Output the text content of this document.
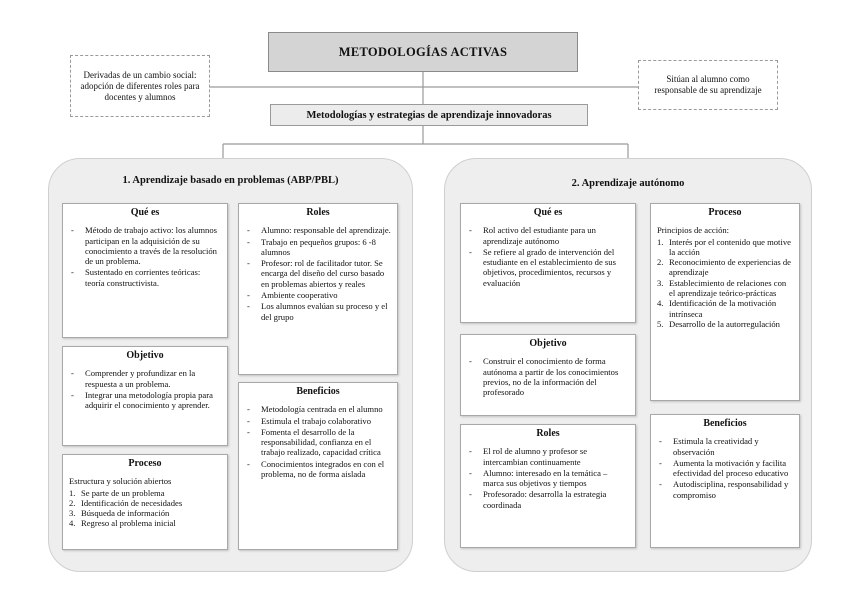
METODOLOGÍAS ACTIVAS
Metodologías y estrategias de aprendizaje innovadoras
Derivadas de un cambio social: adopción de diferentes roles para docentes y alumnos
Sitúan al alumno como responsable de su aprendizaje
1. Aprendizaje basado en problemas (ABP/PBL)
Qué es
- Método de trabajo activo: los alumnos participan en la adquisición de su conocimiento a través de la resolución de un problema.
- Sustentado en corrientes teóricas: teoría constructivista.
Objetivo
- Comprender y profundizar en la respuesta a un problema.
- Integrar una metodología propia para adquirir el conocimiento y aprender.
Proceso
Estructura y solución abiertos
1. Se parte de un problema
2. Identificación de necesidades
3. Búsqueda de información
4. Regreso al problema inicial
Roles
- Alumno: responsable del aprendizaje.
- Trabajo en pequeños grupos: 6 -8 alumnos
- Profesor: rol de facilitador tutor. Se encarga del diseño del curso basado en problemas abiertos y reales
- Ambiente cooperativo
- Los alumnos evalúan su proceso y el del grupo
Beneficios
- Metodología centrada en el alumno
- Estimula el trabajo colaborativo
- Fomenta el desarrollo de la responsabilidad, confianza en el trabajo realizado, capacidad crítica
- Conocimientos integrados en con el problema, no de forma aislada
2. Aprendizaje autónomo
Qué es
- Rol activo del estudiante para un aprendizaje autónomo
- Se refiere al grado de intervención del estudiante en el establecimiento de sus objetivos, procedimientos, recursos y evaluación
Objetivo
- Construir el conocimiento de forma autónoma a partir de los conocimientos previos, no de la información del profesorado
Roles
- El rol de alumno y profesor se intercambian continuamente
- Alumno: interesado en la temática – marca sus objetivos y tiempos
- Profesorado: desarrolla la estrategia coordinada
Proceso
Principios de acción:
1. Interés por el contenido que motive la acción
2. Reconocimiento de experiencias de aprendizaje
3. Establecimiento de relaciones con el aprendizaje teórico-prácticas
4. Identificación de la motivación intrínseca
5. Desarrollo de la autorregulación
Beneficios
- Estimula la creatividad y observación
- Aumenta la motivación y facilita efectividad del proceso educativo
- Autodisciplina, responsabilidad y compromiso
